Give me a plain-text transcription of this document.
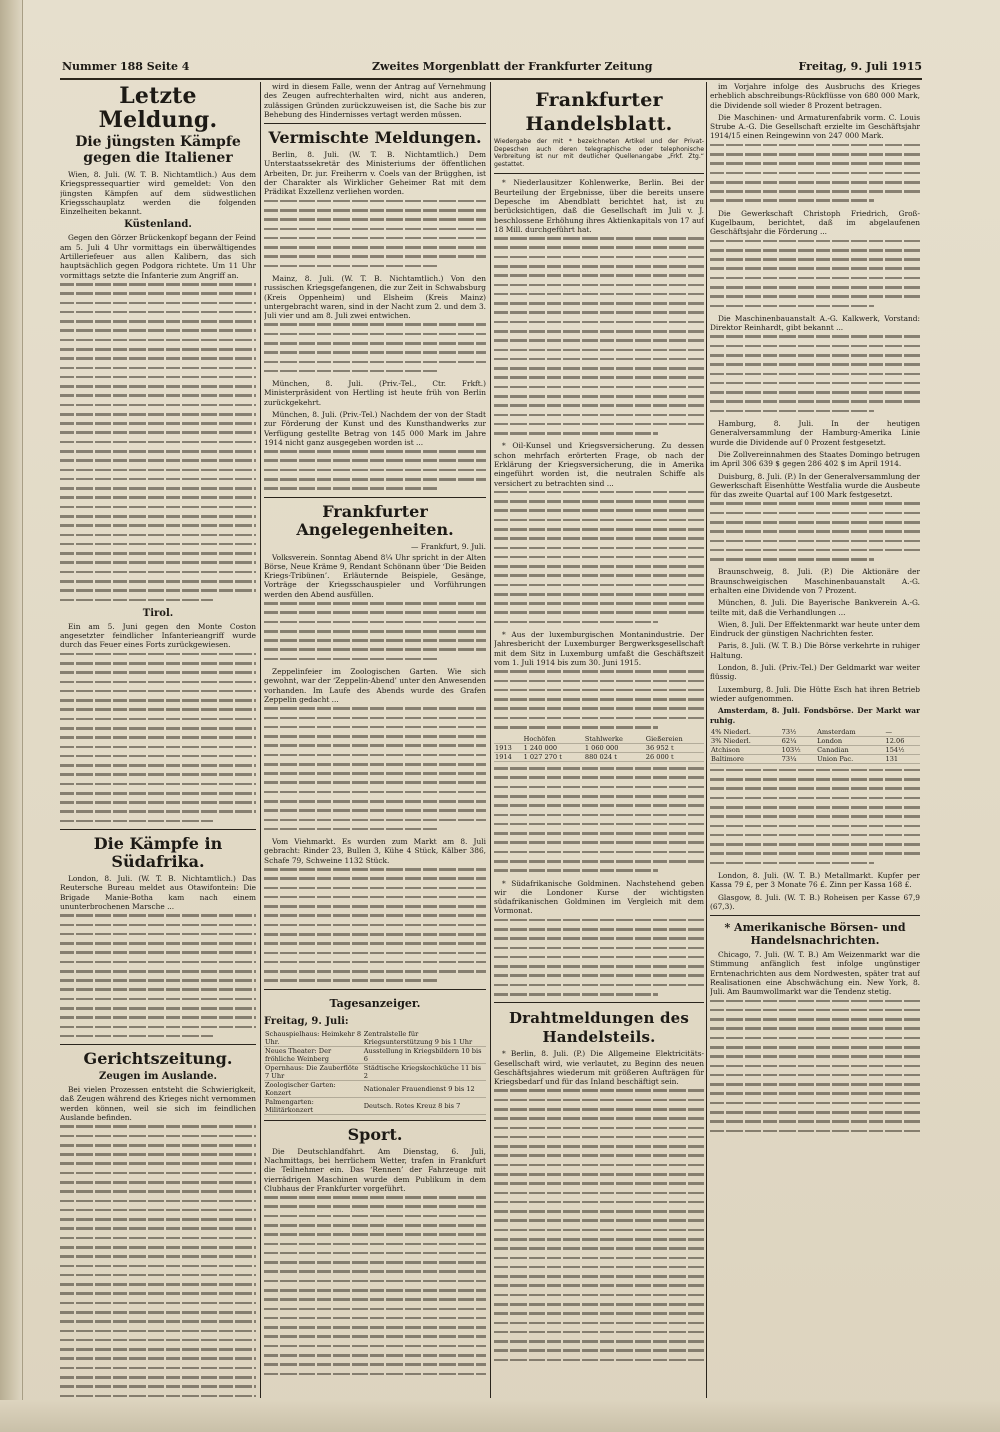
Nummer 188 Seite 4	Zweites Morgenblatt der Frankfurter Zeitung	Freitag, 9. Juli 1915
Letzte Meldung.
Die jüngsten Kämpfe gegen die Italiener
Wien, 8. Juli. (W. T. B. Nichtamtlich.) Aus dem Kriegspressequartier wird gemeldet: Von den jüngsten Kämpfen auf dem südwestlichen Kriegsschauplatz werden die folgenden Einzelheiten bekannt.
Küstenland.
Gegen den Görzer Brückenkopf begann der Feind am 5. Juli 4 Uhr vormittags ein überwältigendes Artilleriefeuer aus allen Kalibern, das sich hauptsächlich gegen Podgora richtete. Um 11 Uhr vormittags setzte die Infanterie zum Angriff an.
Tirol.
Ein am 5. Juni gegen den Monte Coston angesetzter feindlicher Infanterieangriff wurde durch das Feuer eines Forts zurückgewiesen.
Die Kämpfe in Südafrika.
London, 8. Juli. (W. T. B. Nichtamtlich.) Das Reutersche Bureau meldet aus Otawifontein: Die Brigade Manie-Botha kam nach einem ununterbrochenen Marsche ...
Gerichtszeitung.
Zeugen im Auslande.
Bei vielen Prozessen entsteht die Schwierigkeit, daß Zeugen während des Krieges nicht vernommen werden können, weil sie sich im feindlichen Auslande befinden.
wird in diesem Falle, wenn der Antrag auf Vernehmung des Zeugen aufrechterhalten wird, nicht aus anderen, zulässigen Gründen zurückzuweisen ist, die Sache bis zur Behebung des Hindernisses vertagt werden müssen.
Vermischte Meldungen.
Berlin, 8. Juli. (W. T. B. Nichtamtlich.) Dem Unterstaatssekretär des Ministeriums der öffentlichen Arbeiten, Dr. jur. Freiherrn v. Coels van der Brügghen, ist der Charakter als Wirklicher Geheimer Rat mit dem Prädikat Exzellenz verliehen worden.
Mainz, 8. Juli. (W. T. B. Nichtamtlich.) Von den russischen Kriegsgefangenen, die zur Zeit in Schwabsburg (Kreis Oppenheim) und Elsheim (Kreis Mainz) untergebracht waren, sind in der Nacht zum 2. und dem 3. Juli vier und am 8. Juli zwei entwichen.
München, 8. Juli. (Priv.-Tel., Ctr. Frkft.) Ministerpräsident von Hertling ist heute früh von Berlin zurückgekehrt.
München, 8. Juli. (Priv.-Tel.) Nachdem der von der Stadt zur Förderung der Kunst und des Kunsthandwerks zur Verfügung gestellte Betrag von 145 000 Mark im Jahre 1914 nicht ganz ausgegeben worden ist ...
Frankfurter Angelegenheiten.
— Frankfurt, 9. Juli.
Volksverein. Sonntag Abend 8¼ Uhr spricht in der Alten Börse, Neue Kräme 9, Rendant Schönann über ‘Die Beiden Kriegs-Tribünen’. Erläuternde Beispiele, Gesänge, Vorträge der Kriegsschauspieler und Vorführungen werden den Abend ausfüllen.
Zeppelinfeier im Zoologischen Garten. Wie sich gewohnt, war der ‘Zeppelin-Abend’ unter den Anwesenden vorhanden. Im Laufe des Abends wurde des Grafen Zeppelin gedacht ...
Vom Viehmarkt. Es wurden zum Markt am 8. Juli gebracht: Rinder 23, Bullen 3, Kühe 4 Stück, Kälber 386, Schafe 79, Schweine 1132 Stück.
Tagesanzeiger.
Freitag, 9. Juli:
Schauspielhaus: Heimkehr 8 Uhr.	Zentralstelle für Kriegsunterstützung 9 bis 1 Uhr
Neues Theater: Der fröhliche Weinberg	Ausstellung in Kriegsbildern 10 bis 6
Opernhaus: Die Zauberflöte 7 Uhr	Städtische Kriegskochküche 11 bis 2
Zoologischer Garten: Konzert	Nationaler Frauendienst 9 bis 12
Palmengarten: Militärkonzert	Deutsch. Rotes Kreuz 8 bis 7
Sport.
Die Deutschlandfahrt. Am Dienstag, 6. Juli, Nachmittags, bei herrlichem Wetter, trafen in Frankfurt die Teilnehmer ein. Das ‘Rennen’ der Fahrzeuge mit vierrädrigen Maschinen wurde dem Publikum in dem Clubhaus der Frankfurter vorgeführt.
Frankfurter Handelsblatt.
Wiedergabe der mit * bezeichneten Artikel und der Privat-Depeschen auch deren telegraphische oder telephonische Verbreitung ist nur mit deutlicher Quellenangabe „Frkf. Ztg.“ gestattet.
* Niederlausitzer Kohlenwerke, Berlin. Bei der Beurteilung der Ergebnisse, über die bereits unsere Depesche im Abendblatt berichtet hat, ist zu berücksichtigen, daß die Gesellschaft im Juli v. J. beschlossene Erhöhung ihres Aktienkapitals von 17 auf 18 Mill. durchgeführt hat.
* Oil-Kunsel und Kriegsversicherung. Zu dessen schon mehrfach erörterten Frage, ob nach der Erklärung der Kriegsversicherung, die in Amerika eingeführt worden ist, die neutralen Schiffe als versichert zu betrachten sind ...
* Aus der luxemburgischen Montanindustrie. Der Jahresbericht der Luxemburger Bergwerksgesellschaft mit dem Sitz in Luxemburg umfaßt die Geschäftszeit vom 1. Juli 1914 bis zum 30. Juni 1915.
	Hochöfen	Stahlwerke	Gießereien
1913	1 240 000	1 060 000	36 952 t
1914	1 027 270 t	880 024 t	26 000 t
* Südafrikanische Goldminen. Nachstehend geben wir die Londoner Kurse der wichtigsten südafrikanischen Goldminen im Vergleich mit dem Vormonat.
Drahtmeldungen des Handelsteils.
* Berlin, 8. Juli. (P.) Die Allgemeine Elektricitäts-Gesellschaft wird, wie verlautet, zu Beginn des neuen Geschäftsjahres wiederum mit größeren Aufträgen für Kriegsbedarf und für das Inland beschäftigt sein.
im Vorjahre infolge des Ausbruchs des Krieges erheblich abschreibungs-Rückflüsse von 680 000 Mark, die Dividende soll wieder 8 Prozent betragen.
Die Maschinen- und Armaturenfabrik vorm. C. Louis Strube A.-G. Die Gesellschaft erzielte im Geschäftsjahr 1914/15 einen Reingewinn von 247 000 Mark.
Die Gewerkschaft Christoph Friedrich, Groß-Kugelbaum, berichtet, daß im abgelaufenen Geschäftsjahr die Förderung ...
Die Maschinenbauanstalt A.-G. Kalkwerk, Vorstand: Direktor Reinhardt, gibt bekannt ...
Hamburg, 8. Juli. In der heutigen Generalversammlung der Hamburg-Amerika Linie wurde die Dividende auf 0 Prozent festgesetzt.
Die Zollvereinnahmen des Staates Domingo betrugen im April 306 639 $ gegen 286 402 $ im April 1914.
Duisburg, 8. Juli. (P.) In der Generalversammlung der Gewerkschaft Eisenhütte Westfalia wurde die Ausbeute für das zweite Quartal auf 100 Mark festgesetzt.
Braunschweig, 8. Juli. (P.) Die Aktionäre der Braunschweigischen Maschinenbauanstalt A.-G. erhalten eine Dividende von 7 Prozent.
München, 8. Juli. Die Bayerische Bankverein A.-G. teilte mit, daß die Verhandlungen ...
Wien, 8. Juli. Der Effektenmarkt war heute unter dem Eindruck der günstigen Nachrichten fester.
Paris, 8. Juli. (W. T. B.) Die Börse verkehrte in ruhiger Haltung.
London, 8. Juli. (Priv.-Tel.) Der Geldmarkt war weiter flüssig.
Luxemburg, 8. Juli. Die Hütte Esch hat ihren Betrieb wieder aufgenommen.
Amsterdam, 8. Juli. Fondsbörse. Der Markt war ruhig.
4% Niederl.	73½	Amsterdam	—
3% Niederl.	62¼	London	12.06
Atchison	103½	Canadian	154½
Baltimore	73¼	Union Pac.	131
London, 8. Juli. (W. T. B.) Metallmarkt. Kupfer per Kassa 79 £, per 3 Monate 76 £. Zinn per Kassa 168 £.
Glasgow, 8. Juli. (W. T. B.) Roheisen per Kasse 67,9 (67,3).
* Amerikanische Börsen- und Handelsnachrichten.
Chicago, 7. Juli. (W. T. B.) Am Weizenmarkt war die Stimmung anfänglich fest infolge ungünstiger Erntenachrichten aus dem Nordwesten, später trat auf Realisationen eine Abschwächung ein. New York, 8. Juli. Am Baumwollmarkt war die Tendenz stetig.
